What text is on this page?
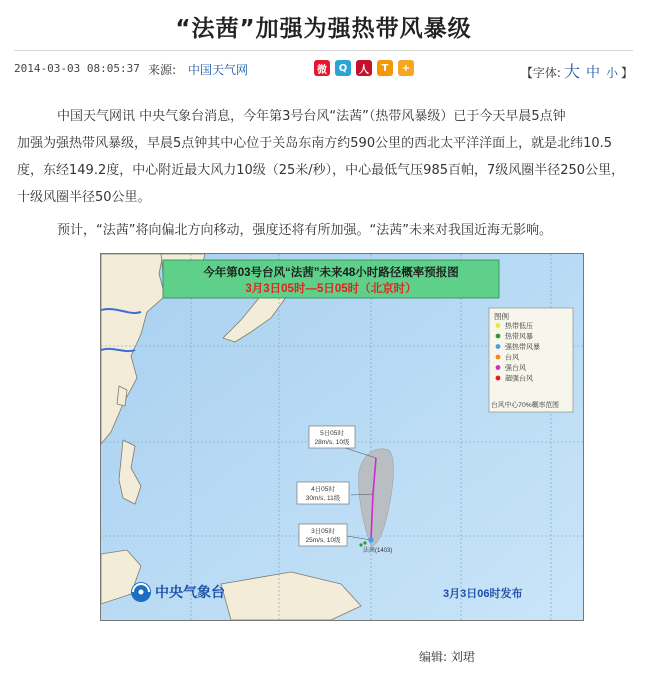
“法茜”加强为强热带风暴级
2014-03-03 08:05:37 来源: 中国天气网	微	Q	人	T	+	【字体: 大 中 小 】
中国天气网讯 中央气象台消息，今年第3号台风“法茜”（热带风暴级）已于今天早晨5点钟
加强为强热带风暴级，早晨5点钟其中心位于关岛东南方约590公里的西北太平洋洋面上，就是北纬10.5度，东经149.2度，中心附近最大风力10级（25米/秒），中心最低气压985百帕，7级风圈半径250公里，十级风圈半径50公里。
预计，“法茜”将向偏北方向移动，强度还将有所加强。“法茜”未来对我国近海无影响。
今年第03号台风“法茜”未来48小时路径概率预报图
3月3日05时—5日05时（北京时）
图例
热带低压
热带风暴
强热带风暴
台风
强台风
超强台风
台风中心70%概率范围
5日05时
28m/s, 10级
4日05时
30m/s, 11级
3日05时
25m/s, 10级
法茜(1403)
中央气象台	3月3日06时发布
编辑: 刘珺
